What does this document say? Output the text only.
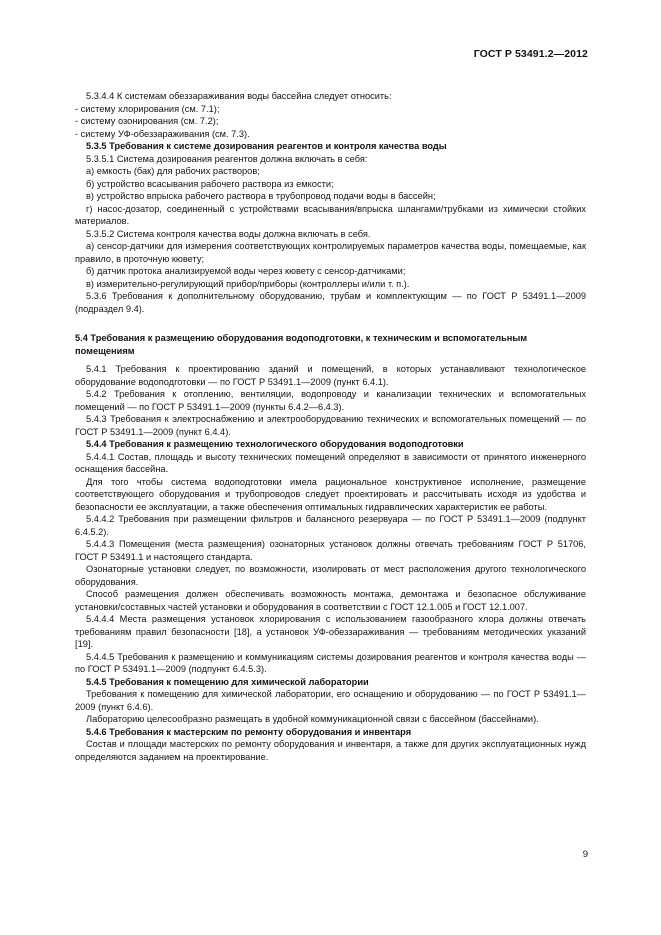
ГОСТ Р 53491.2—2012

5.3.4.4 К системам обеззараживания воды бассейна следует относить:

- систему хлорирования (см. 7.1);

- систему озонирования (см. 7.2);

- систему УФ-обеззараживания (см. 7.3).

5.3.5 Требования к системе дозирования реагентов и контроля качества воды

5.3.5.1 Система дозирования реагентов должна включать в себя:

а) емкость (бак) для рабочих растворов;

б) устройство всасывания рабочего раствора из емкости;

в) устройство впрыска рабочего раствора в трубопровод подачи воды в бассейн;

г) насос-дозатор, соединенный с устройствами всасывания/впрыска шлангами/трубками из химически стойких материалов.

5.3.5.2 Система контроля качества воды должна включать в себя.

а) сенсор-датчики для измерения соответствующих контролируемых параметров качества воды, помещаемые, как правило, в проточную кювету;

б) датчик протока анализируемой воды через кювету с сенсор-датчиками;

в) измерительно-регулирующий прибор/приборы (контроллеры и/или т. п.).

5.3.6 Требования к дополнительному оборудованию, трубам и комплектующим — по ГОСТ Р 53491.1—2009 (подраздел 9.4).

5.4 Требования к размещению оборудования водоподготовки, к техническим и вспомогательным помещениям

5.4.1 Требования к проектированию зданий и помещений, в которых устанавливают технологическое оборудование водоподготовки — по ГОСТ Р 53491.1—2009 (пункт 6.4.1).

5.4.2 Требования к отоплению, вентиляции, водопроводу и канализации технических и вспомогательных помещений — по ГОСТ Р 53491.1—2009 (пункты 6.4.2—6.4.3).

5.4.3 Требования к электроснабжению и электрооборудованию технических и вспомогательных помещений — по ГОСТ Р 53491.1—2009 (пункт 6.4.4).

5.4.4 Требования к размещению технологического оборудования водоподготовки

5.4.4.1 Состав, площадь и высоту технических помещений определяют в зависимости от принятого инженерного оснащения бассейна.

Для того чтобы система водоподготовки имела рациональное конструктивное исполнение, размещение соответствующего оборудования и трубопроводов следует проектировать и рассчитывать исходя из удобства и безопасности ее эксплуатации, а также обеспечения оптимальных гидравлических характеристик ее работы.

5.4.4.2 Требования при размещении фильтров и балансного резервуара — по ГОСТ Р 53491.1—2009 (подпункт 6.4.5.2).

5.4.4.3 Помещения (места размещения) озонаторных установок должны отвечать требованиям ГОСТ Р 51706, ГОСТ Р 53491.1 и настоящего стандарта.

Озонаторные установки следует, по возможности, изолировать от мест расположения другого технологического оборудования.

Способ размещения должен обеспечивать возможность монтажа, демонтажа и безопасное обслуживание установки/составных частей установки и оборудования в соответствии с ГОСТ 12.1.005 и ГОСТ 12.1.007.

5.4.4.4 Места размещения установок хлорирования с использованием газообразного хлора должны отвечать требованиям правил безопасности [18], а установок УФ-обеззараживания — требованиям методических указаний [19].

5.4.4.5 Требования к размещению и коммуникациям системы дозирования реагентов и контроля качества воды — по ГОСТ Р 53491.1—2009 (подпункт 6.4.5.3).

5.4.5 Требования к помещению для химической лаборатории

Требования к помещению для химической лаборатории, его оснащению и оборудованию — по ГОСТ Р 53491.1—2009 (пункт 6.4.6).

Лабораторию целесообразно размещать в удобной коммуникационной связи с бассейном (бассейнами).

5.4.6 Требования к мастерским по ремонту оборудования и инвентаря

Состав и площади мастерских по ремонту оборудования и инвентаря, а также для других эксплуатационных нужд определяются заданием на проектирование.

9
